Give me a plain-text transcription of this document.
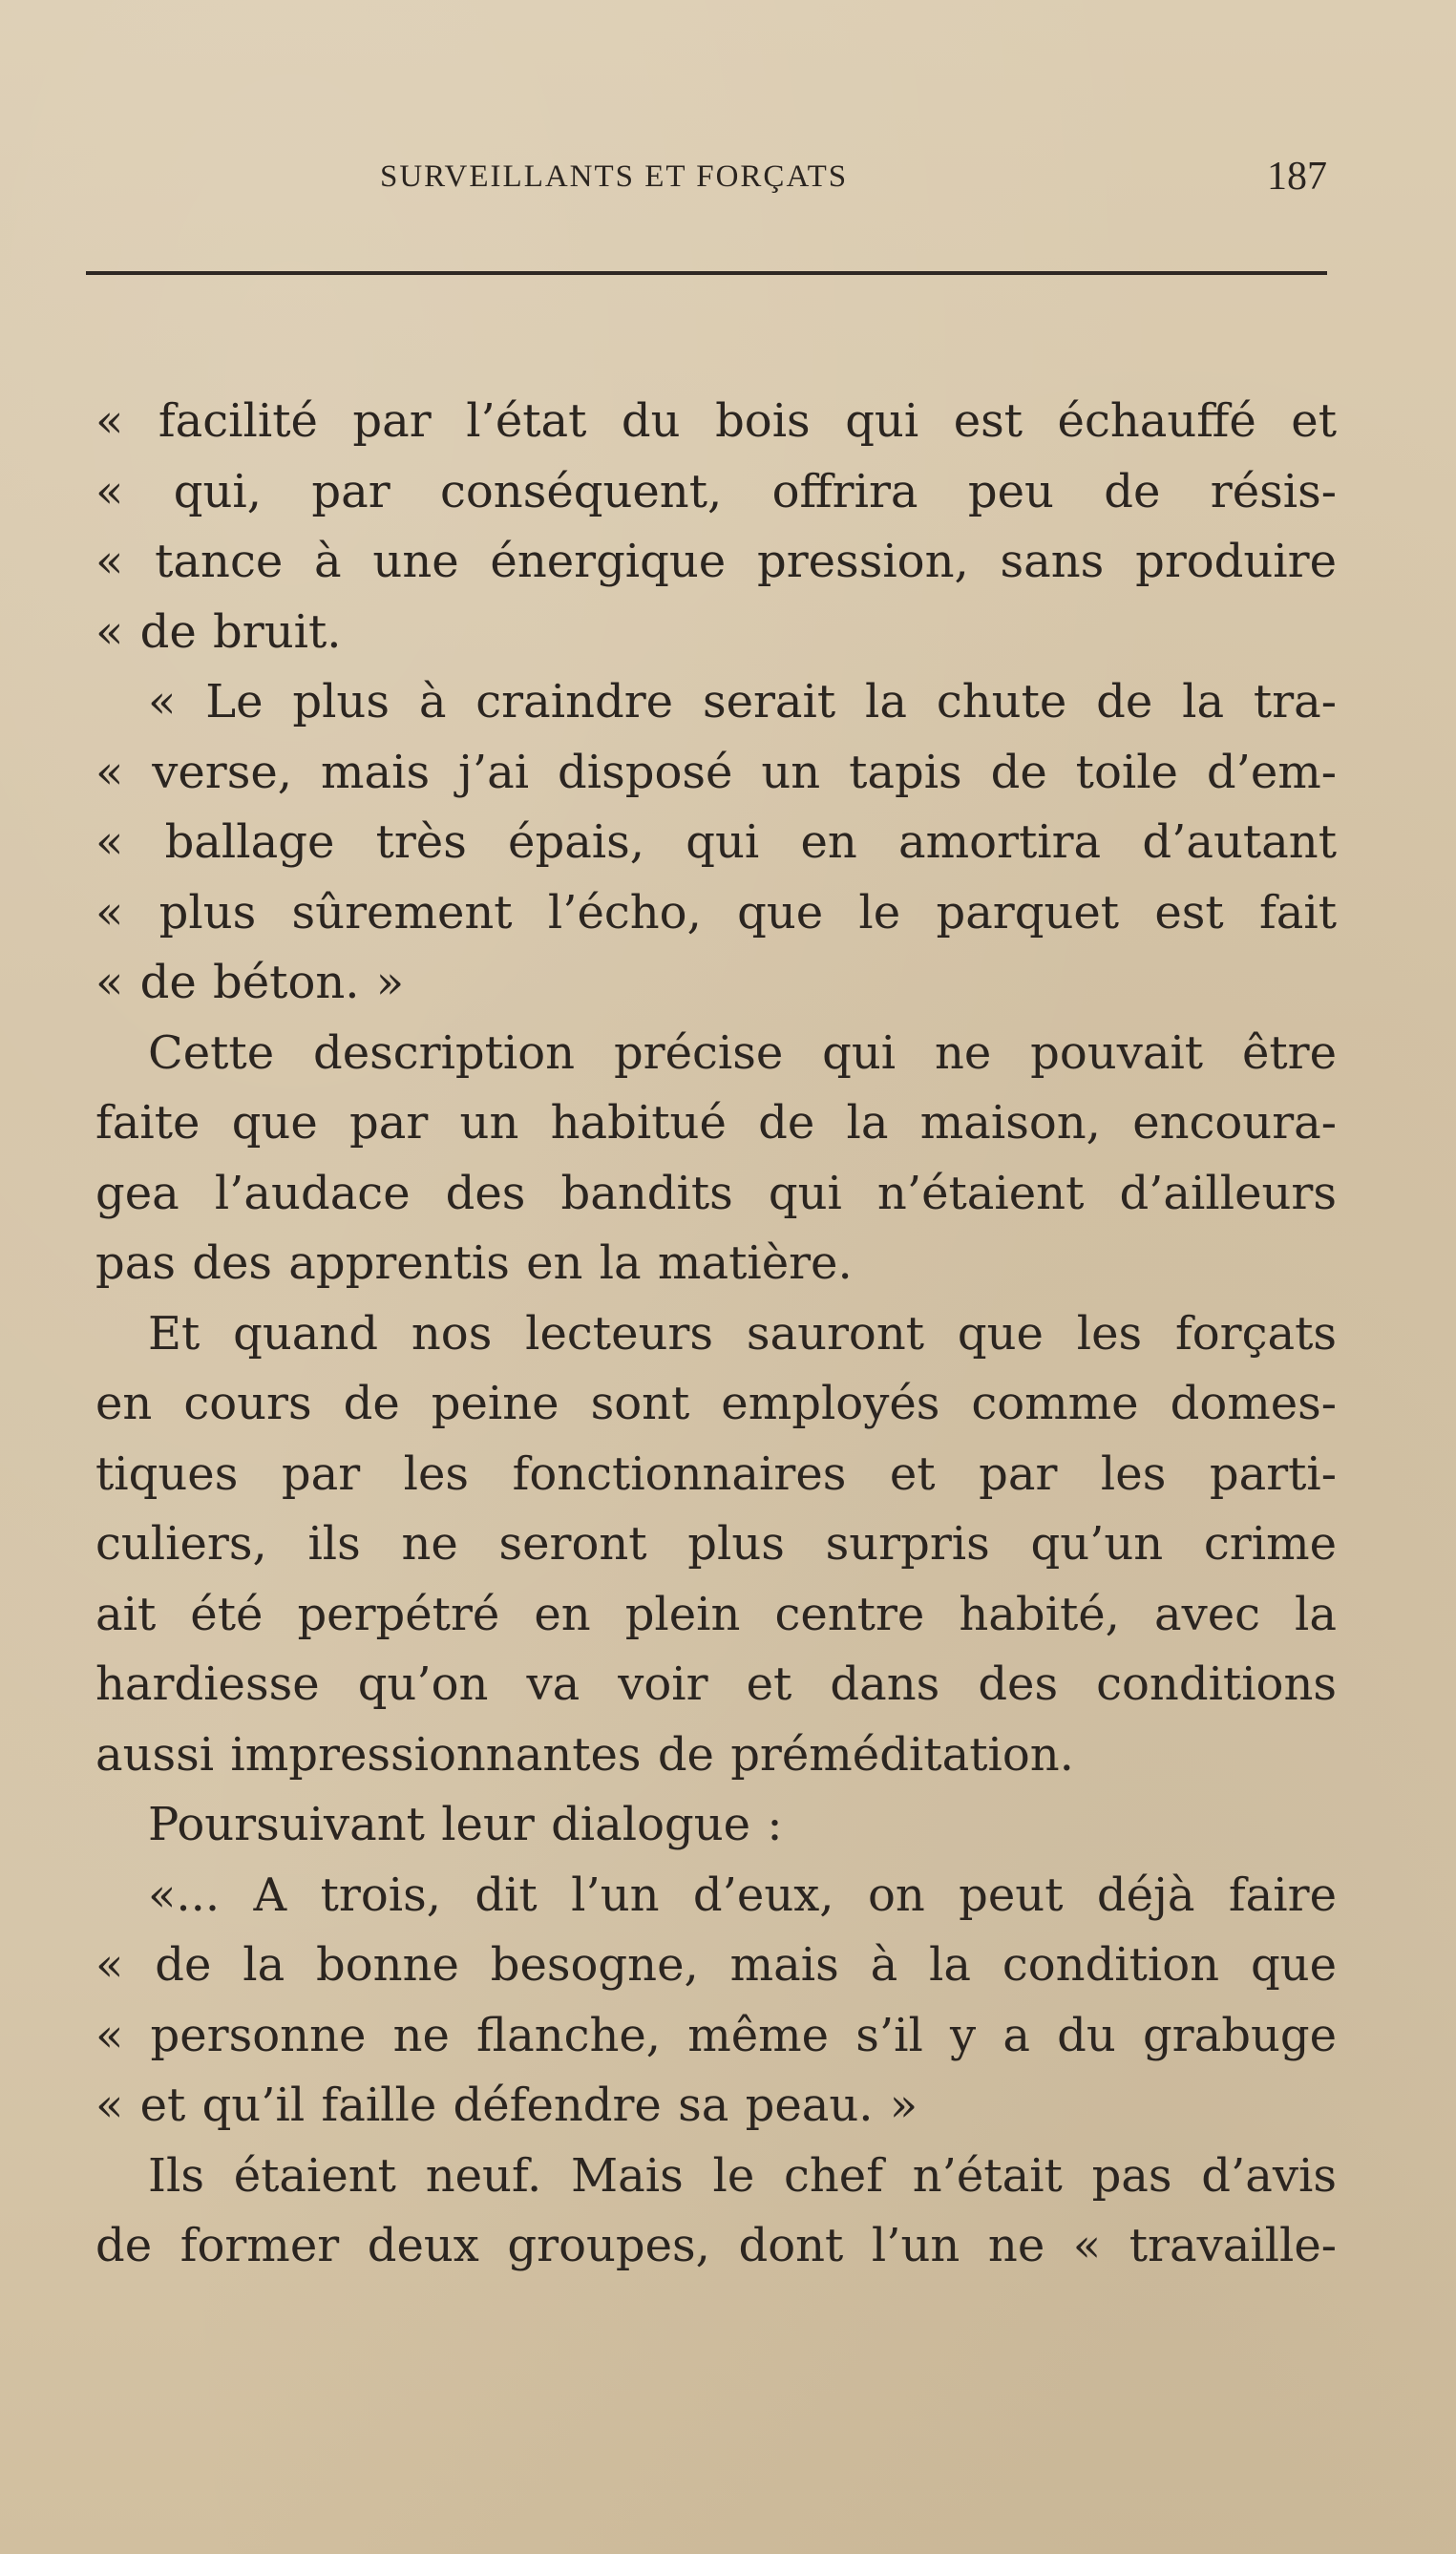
SURVEILLANTS ET FORÇATS	187
« facilité par l’état du bois qui est échauffé et
« qui, par conséquent, offrira peu de résis-
« tance à une énergique pression, sans produire
« de bruit.
« Le plus à craindre serait la chute de la tra-
« verse, mais j’ai disposé un tapis de toile d’em-
« ballage très épais, qui en amortira d’autant
« plus sûrement l’écho, que le parquet est fait
« de béton. »
Cette description précise qui ne pouvait être
faite que par un habitué de la maison, encoura-
gea l’audace des bandits qui n’étaient d’ailleurs
pas des apprentis en la matière.
Et quand nos lecteurs sauront que les forçats
en cours de peine sont employés comme domes-
tiques par les fonctionnaires et par les parti-
culiers, ils ne seront plus surpris qu’un crime
ait été perpétré en plein centre habité, avec la
hardiesse qu’on va voir et dans des conditions
aussi impressionnantes de préméditation.
Poursuivant leur dialogue :
«... A trois, dit l’un d’eux, on peut déjà faire
« de la bonne besogne, mais à la condition que
« personne ne flanche, même s’il y a du grabuge
« et qu’il faille défendre sa peau. »
Ils étaient neuf. Mais le chef n’était pas d’avis
de former deux groupes, dont l’un ne « travaille-
